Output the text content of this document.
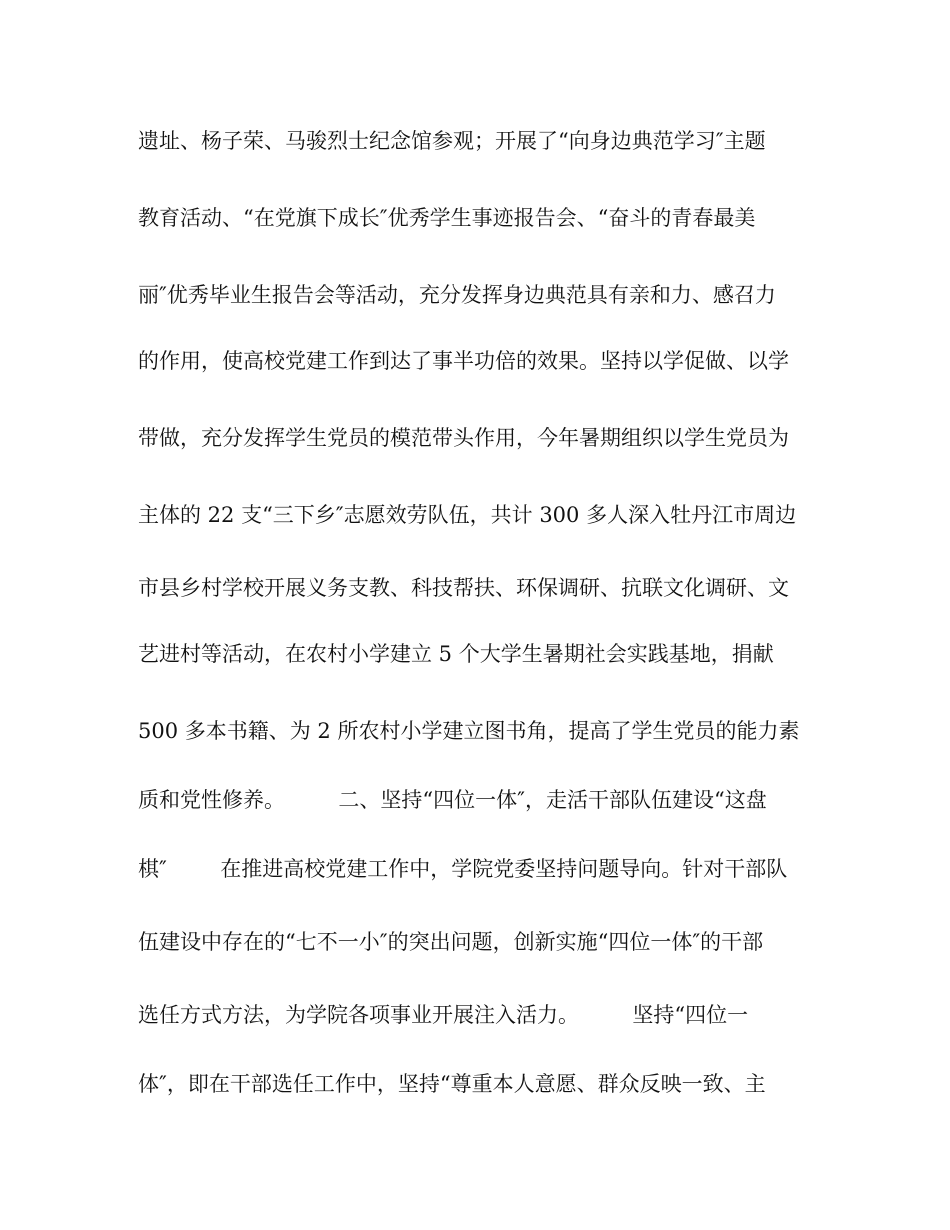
遗址、杨子荣、马骏烈士纪念馆参观；开展了“向身边典范学习″主题
教育活动、“在党旗下成长″优秀学生事迹报告会、“奋斗的青春最美
丽″优秀毕业生报告会等活动，充分发挥身边典范具有亲和力、感召力
的作用，使高校党建工作到达了事半功倍的效果。坚持以学促做、以学
带做，充分发挥学生党员的模范带头作用，今年暑期组织以学生党员为
主体的 22 支“三下乡″志愿效劳队伍，共计 300 多人深入牡丹江市周边
市县乡村学校开展义务支教、科技帮扶、环保调研、抗联文化调研、文
艺进村等活动，在农村小学建立 5 个大学生暑期社会实践基地，捐献
500 多本书籍、为 2 所农村小学建立图书角，提高了学生党员的能力素
质和党性修养。        二、坚持“四位一体″，走活干部队伍建设“这盘
棋″        在推进高校党建工作中，学院党委坚持问题导向。针对干部队
伍建设中存在的“七不一小″的突出问题，创新实施“四位一体″的干部
选任方式方法，为学院各项事业开展注入活力。        坚持“四位一
体″，即在干部选任工作中，坚持“尊重本人意愿、群众反映一致、主
